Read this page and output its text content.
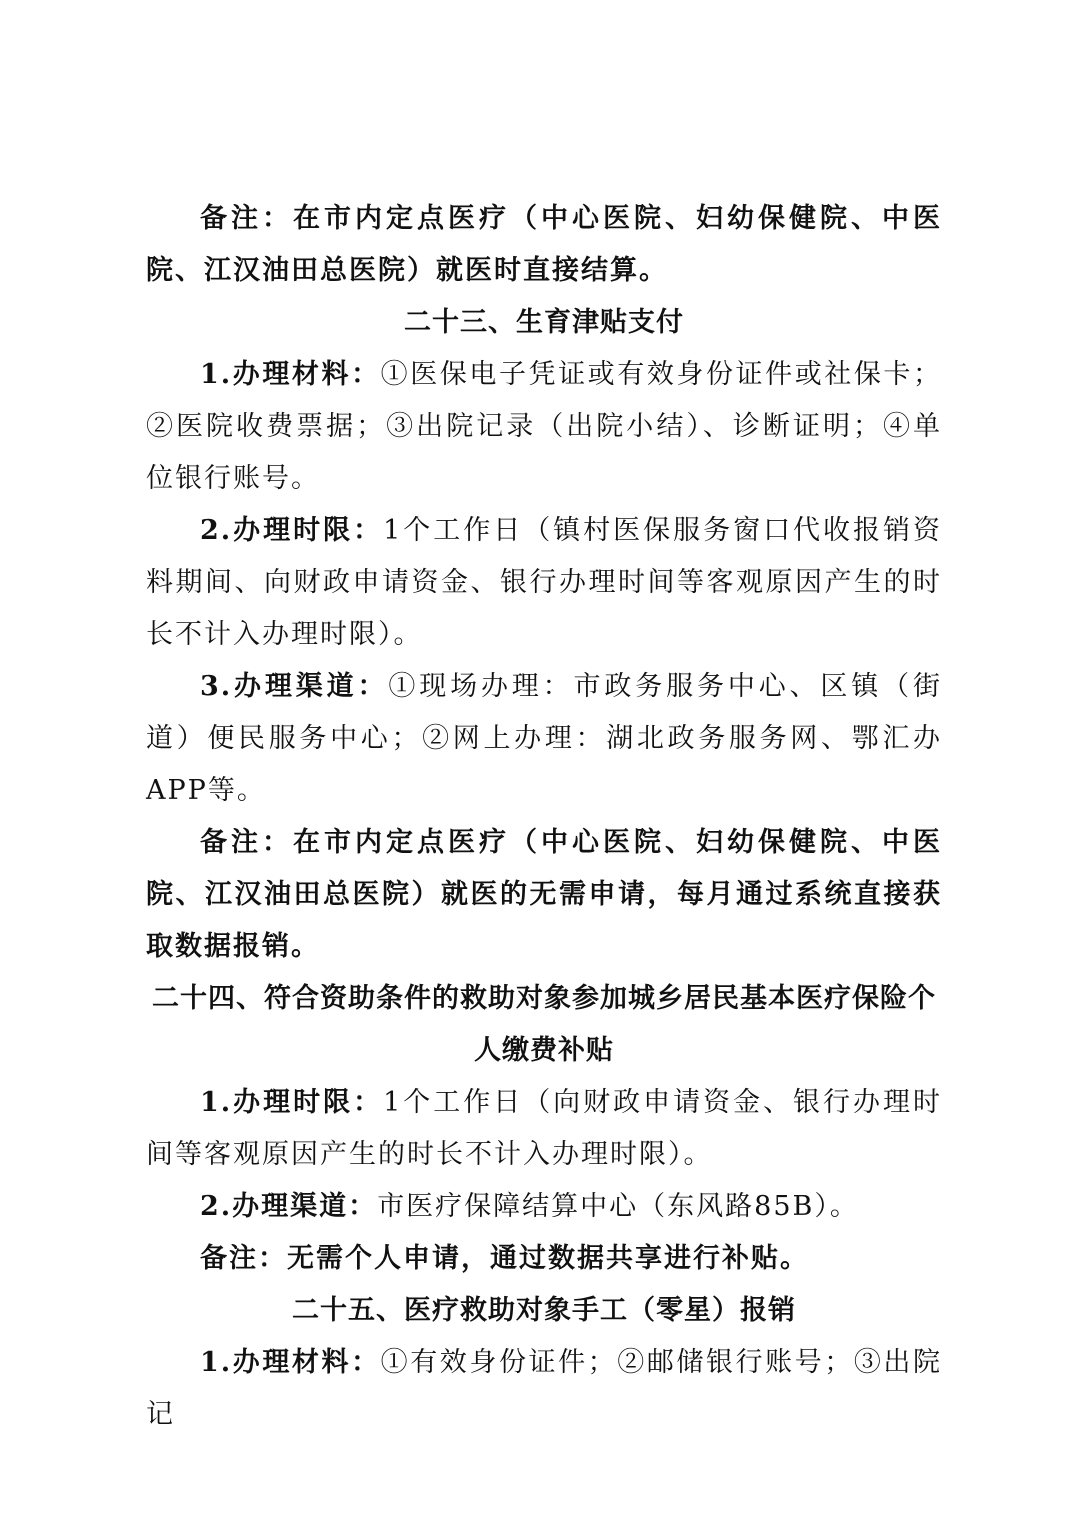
备注：在市内定点医疗（中心医院、妇幼保健院、中医院、江汉油田总医院）就医时直接结算。

二十三、生育津贴支付

1.办理材料：①医保电子凭证或有效身份证件或社保卡；②医院收费票据；③出院记录（出院小结）、诊断证明；④单位银行账号。

2.办理时限：1个工作日（镇村医保服务窗口代收报销资料期间、向财政申请资金、银行办理时间等客观原因产生的时长不计入办理时限）。

3.办理渠道：①现场办理：市政务服务中心、区镇（街道）便民服务中心；②网上办理：湖北政务服务网、鄂汇办APP等。

备注：在市内定点医疗（中心医院、妇幼保健院、中医院、江汉油田总医院）就医的无需申请，每月通过系统直接获取数据报销。

二十四、符合资助条件的救助对象参加城乡居民基本医疗保险个人缴费补贴

1.办理时限：1个工作日（向财政申请资金、银行办理时间等客观原因产生的时长不计入办理时限）。

2.办理渠道：市医疗保障结算中心（东风路85B）。

备注：无需个人申请，通过数据共享进行补贴。

二十五、医疗救助对象手工（零星）报销

1.办理材料：①有效身份证件；②邮储银行账号；③出院记
